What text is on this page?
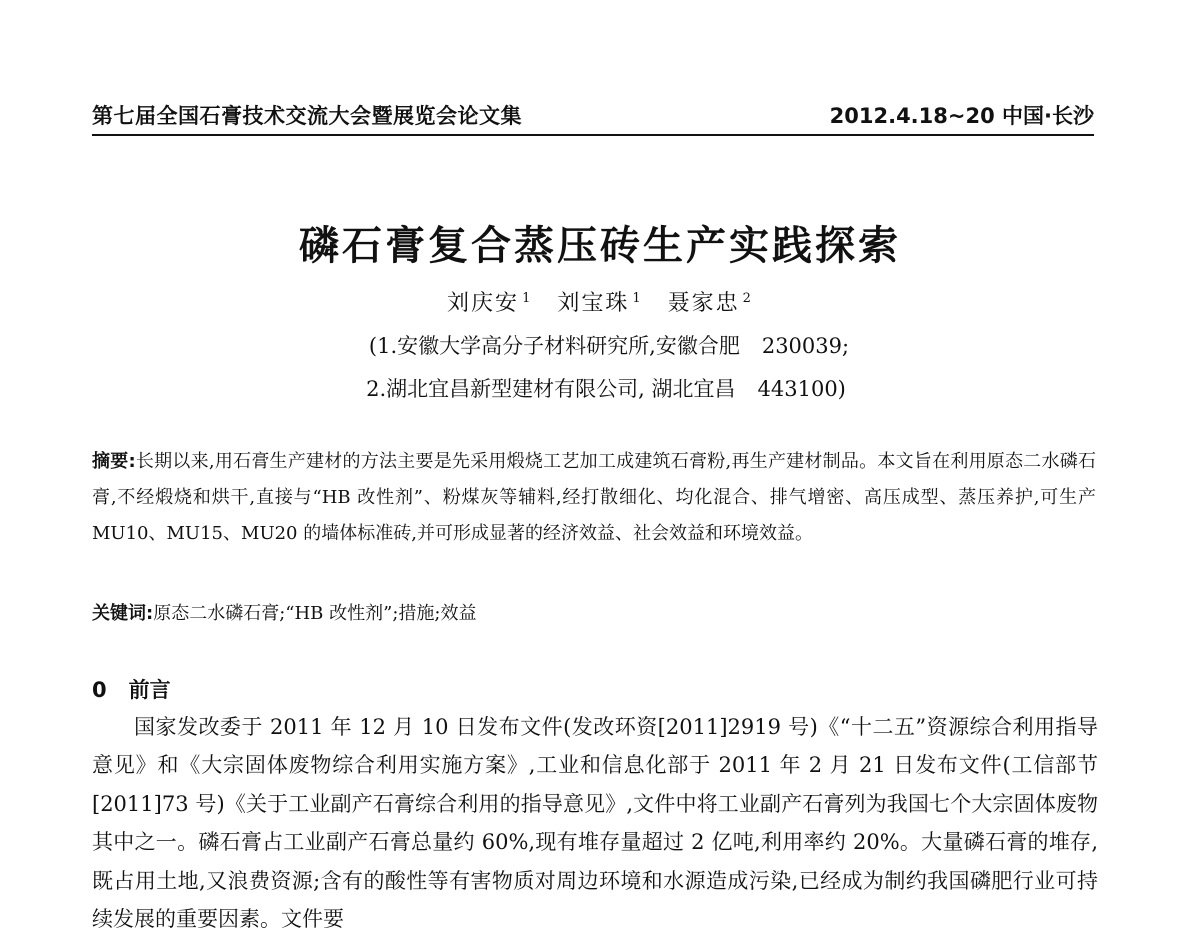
第七届全国石膏技术交流大会暨展览会论文集	2012.4.18~20 中国·长沙
磷石膏复合蒸压砖生产实践探索
刘庆安 $^1$ 刘宝珠 $^1$ 聂家忠 $^2$
(1.安徽大学高分子材料研究所,安徽合肥 230039;
2.湖北宜昌新型建材有限公司, 湖北宜昌 443100)
摘要:长期以来,用石膏生产建材的方法主要是先采用煅烧工艺加工成建筑石膏粉,再生产建材制品。本文旨在利用原态二水磷石膏,不经煅烧和烘干,直接与“HB 改性剂”、粉煤灰等辅料,经打散细化、均化混合、排气增密、高压成型、蒸压养护,可生产 MU10、MU15、MU20 的墙体标准砖,并可形成显著的经济效益、社会效益和环境效益。
关键词:原态二水磷石膏;“HB 改性剂”;措施;效益
0 前言

国家发改委于 2011 年 12 月 10 日发布文件(发改环资[2011]2919 号)《“十二五”资源综合利用指导意见》和《大宗固体废物综合利用实施方案》,工业和信息化部于 2011 年 2 月 21 日发布文件(工信部节[2011]73 号)《关于工业副产石膏综合利用的指导意见》,文件中将工业副产石膏列为我国七个大宗固体废物其中之一。磷石膏占工业副产石膏总量约 60%,现有堆存量超过 2 亿吨,利用率约 20%。大量磷石膏的堆存,既占用土地,又浪费资源;含有的酸性等有害物质对周边环境和水源造成污染,已经成为制约我国磷肥行业可持续发展的重要因素。文件要
